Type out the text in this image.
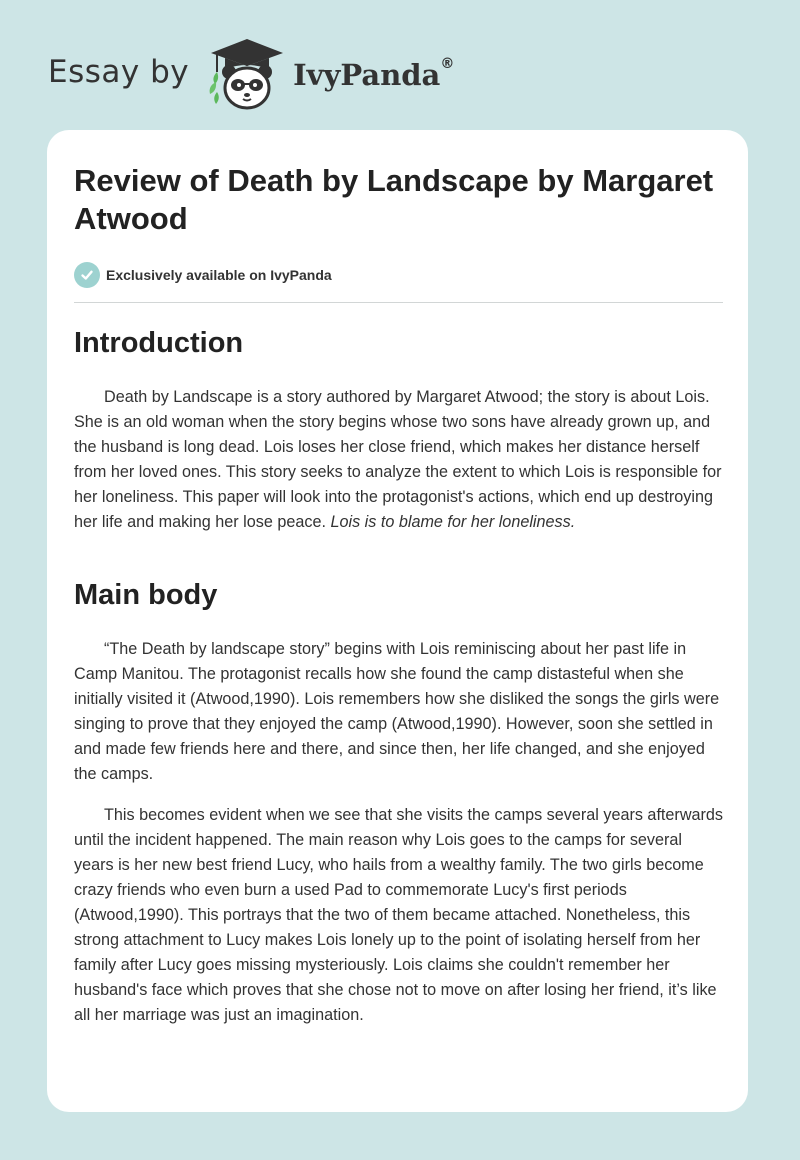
Essay by	IvyPanda®
Review of Death by Landscape by Margaret Atwood
Exclusively available on IvyPanda
Introduction

Death by Landscape is a story authored by Margaret Atwood; the story is about Lois. She is an old woman when the story begins whose two sons have already grown up, and the husband is long dead. Lois loses her close friend, which makes her distance herself from her loved ones. This story seeks to analyze the extent to which Lois is responsible for her loneliness. This paper will look into the protagonist's actions, which end up destroying her life and making her lose peace. Lois is to blame for her loneliness.

Main body

“The Death by landscape story” begins with Lois reminiscing about her past life in Camp Manitou. The protagonist recalls how she found the camp distasteful when she initially visited it (Atwood,1990). Lois remembers how she disliked the songs the girls were singing to prove that they enjoyed the camp (Atwood,1990). However, soon she settled in and made few friends here and there, and since then, her life changed, and she enjoyed the camps.

This becomes evident when we see that she visits the camps several years afterwards until the incident happened. The main reason why Lois goes to the camps for several years is her new best friend Lucy, who hails from a wealthy family. The two girls become crazy friends who even burn a used Pad to commemorate Lucy's first periods (Atwood,1990). This portrays that the two of them became attached. Nonetheless, this strong attachment to Lucy makes Lois lonely up to the point of isolating herself from her family after Lucy goes missing mysteriously. Lois claims she couldn't remember her husband's face which proves that she chose not to move on after losing her friend, it’s like all her marriage was just an imagination.
